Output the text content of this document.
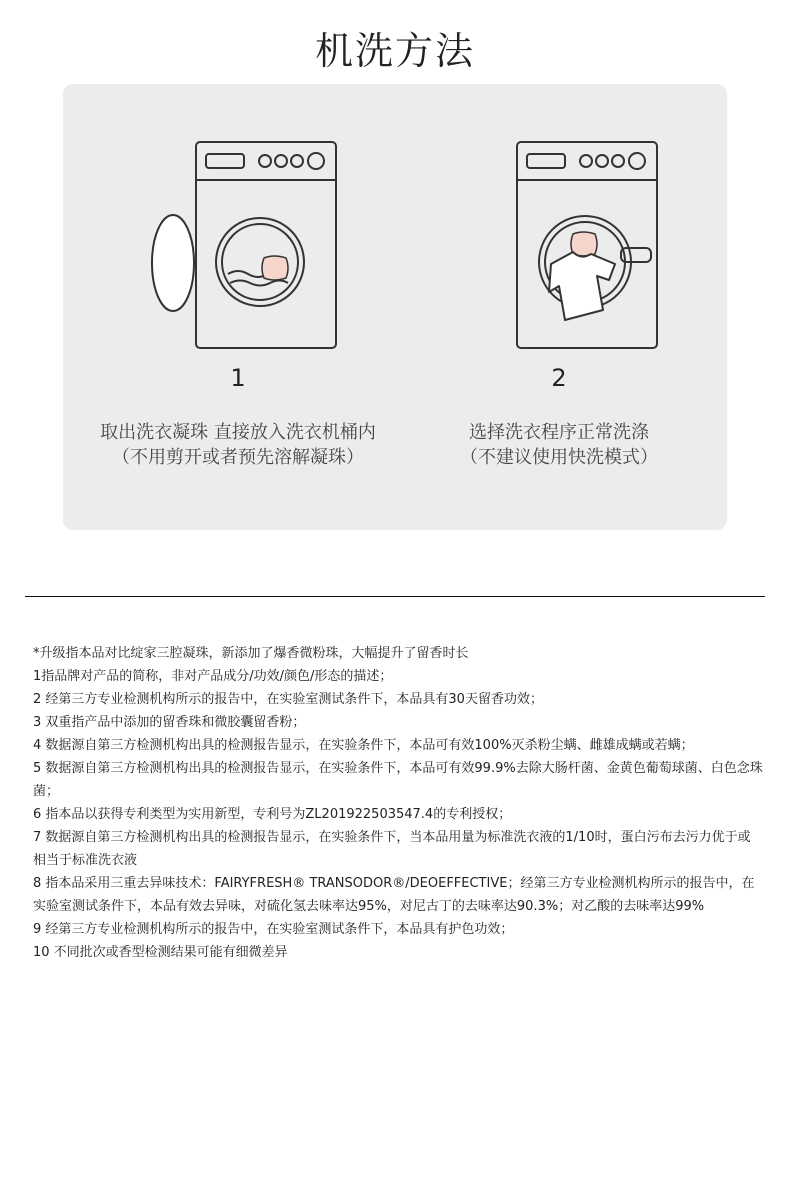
机洗方法
1
取出洗衣凝珠 直接放入洗衣机桶内
（不用剪开或者预先溶解凝珠）
2
选择洗衣程序正常洗涤
（不建议使用快洗模式）
*升级指本品对比绽家三腔凝珠，新添加了爆香微粉珠，大幅提升了留香时长
1指品牌对产品的简称，非对产品成分/功效/颜色/形态的描述；
2 经第三方专业检测机构所示的报告中，在实验室测试条件下，本品具有30天留香功效；
3 双重指产品中添加的留香珠和微胶囊留香粉；
4 数据源自第三方检测机构出具的检测报告显示，在实验条件下，本品可有效100%灭杀粉尘螨、雌雄成螨或若螨；
5 数据源自第三方检测机构出具的检测报告显示，在实验条件下，本品可有效99.9%去除大肠杆菌、金黄色葡萄球菌、白色念珠菌；
6 指本品以获得专利类型为实用新型，专利号为ZL201922503547.4的专利授权；
7 数据源自第三方检测机构出具的检测报告显示，在实验条件下，当本品用量为标准洗衣液的1/10时，蛋白污布去污力优于或相当于标准洗衣液
8 指本品采用三重去异味技术：FAIRYFRESH® TRANSODOR®/DEOEFFECTIVE；经第三方专业检测机构所示的报告中，在实验室测试条件下，本品有效去异味，对硫化氢去味率达95%，对尼古丁的去味率达90.3%；对乙酸的去味率达99%
9 经第三方专业检测机构所示的报告中，在实验室测试条件下，本品具有护色功效；
10 不同批次或香型检测结果可能有细微差异
